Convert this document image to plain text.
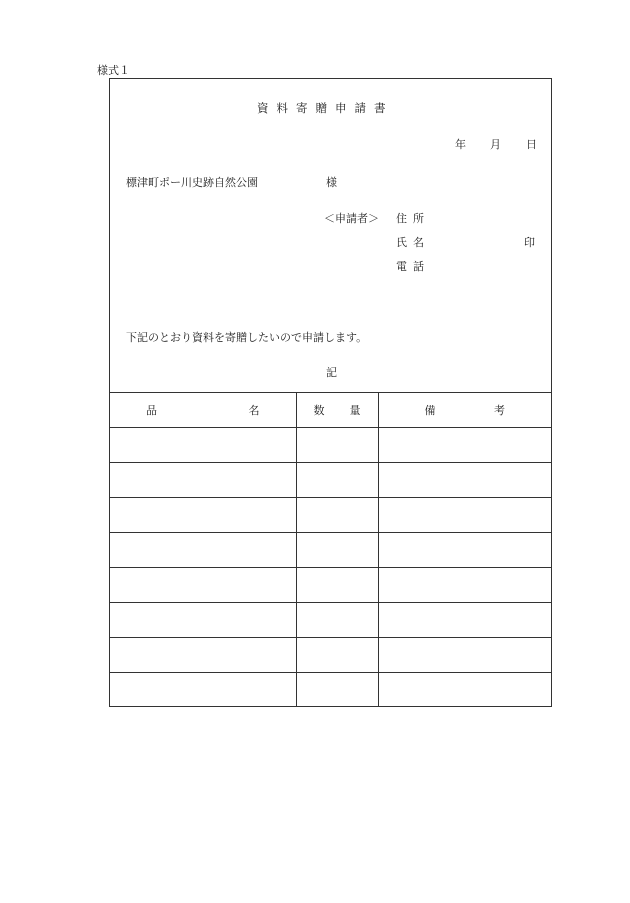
様式１
資料寄贈申請書
年 月 日
標津町ポー川史跡自然公園	様
＜申請者＞ 住所
氏名	印
電話
下記のとおり資料を寄贈したいので申請します。
記
品 名	数 量	備 考
